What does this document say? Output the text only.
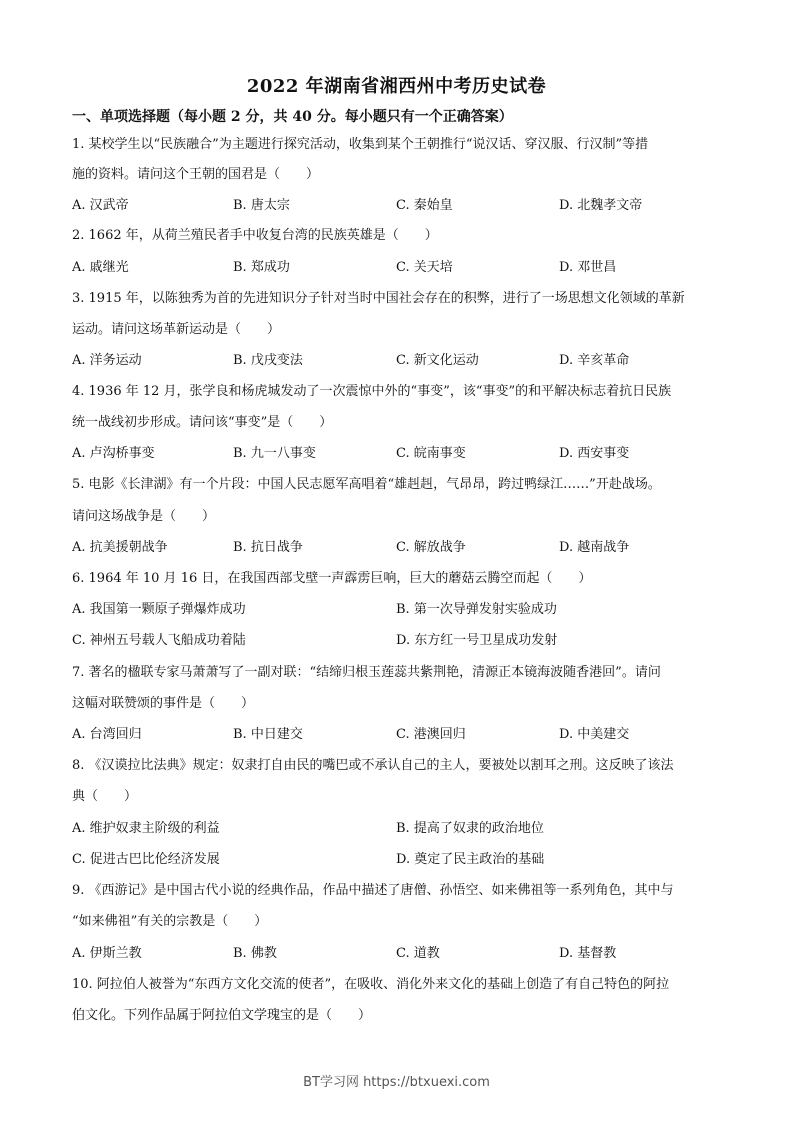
2022 年湖南省湘西州中考历史试卷
一、单项选择题（每小题 2 分，共 40 分。每小题只有一个正确答案）
1. 某校学生以“民族融合”为主题进行探究活动，收集到某个王朝推行“说汉话、穿汉服、行汉制”等措
施的资料。请问这个王朝的国君是（　　）
A. 汉武帝	B. 唐太宗	C. 秦始皇	D. 北魏孝文帝
2. 1662 年，从荷兰殖民者手中收复台湾的民族英雄是（　　）
A. 戚继光	B. 郑成功	C. 关天培	D. 邓世昌
3. 1915 年，以陈独秀为首的先进知识分子针对当时中国社会存在的积弊，进行了一场思想文化领域的革新
运动。请问这场革新运动是（　　）
A. 洋务运动	B. 戊戌变法	C. 新文化运动	D. 辛亥革命
4. 1936 年 12 月，张学良和杨虎城发动了一次震惊中外的“事变”，该“事变”的和平解决标志着抗日民族
统一战线初步形成。请问该“事变”是（　　）
A. 卢沟桥事变	B. 九一八事变	C. 皖南事变	D. 西安事变
5. 电影《长津湖》有一个片段：中国人民志愿军高唱着“雄赳赳，气昂昂，跨过鸭绿江……”开赴战场。
请问这场战争是（　　）
A. 抗美援朝战争	B. 抗日战争	C. 解放战争	D. 越南战争
6. 1964 年 10 月 16 日，在我国西部戈壁一声霹雳巨响，巨大的蘑菇云腾空而起（　　）
A. 我国第一颗原子弹爆炸成功	B. 第一次导弹发射实验成功
C. 神州五号载人飞船成功着陆	D. 东方红一号卫星成功发射
7. 著名的楹联专家马萧萧写了一副对联：“结缔归根玉莲蕊共紫荆艳，清源正本镜海波随香港回”。请问
这幅对联赞颂的事件是（　　）
A. 台湾回归	B. 中日建交	C. 港澳回归	D. 中美建交
8. 《汉谟拉比法典》规定：奴隶打自由民的嘴巴或不承认自己的主人，要被处以割耳之刑。这反映了该法
典（　　）
A. 维护奴隶主阶级的利益	B. 提高了奴隶的政治地位
C. 促进古巴比伦经济发展	D. 奠定了民主政治的基础
9. 《西游记》是中国古代小说的经典作品，作品中描述了唐僧、孙悟空、如来佛祖等一系列角色，其中与
“如来佛祖”有关的宗教是（　　）
A. 伊斯兰教	B. 佛教	C. 道教	D. 基督教
10. 阿拉伯人被誉为“东西方文化交流的使者”，在吸收、消化外来文化的基础上创造了有自己特色的阿拉
伯文化。下列作品属于阿拉伯文学瑰宝的是（　　）
BT学习网 https://btxuexi.com
